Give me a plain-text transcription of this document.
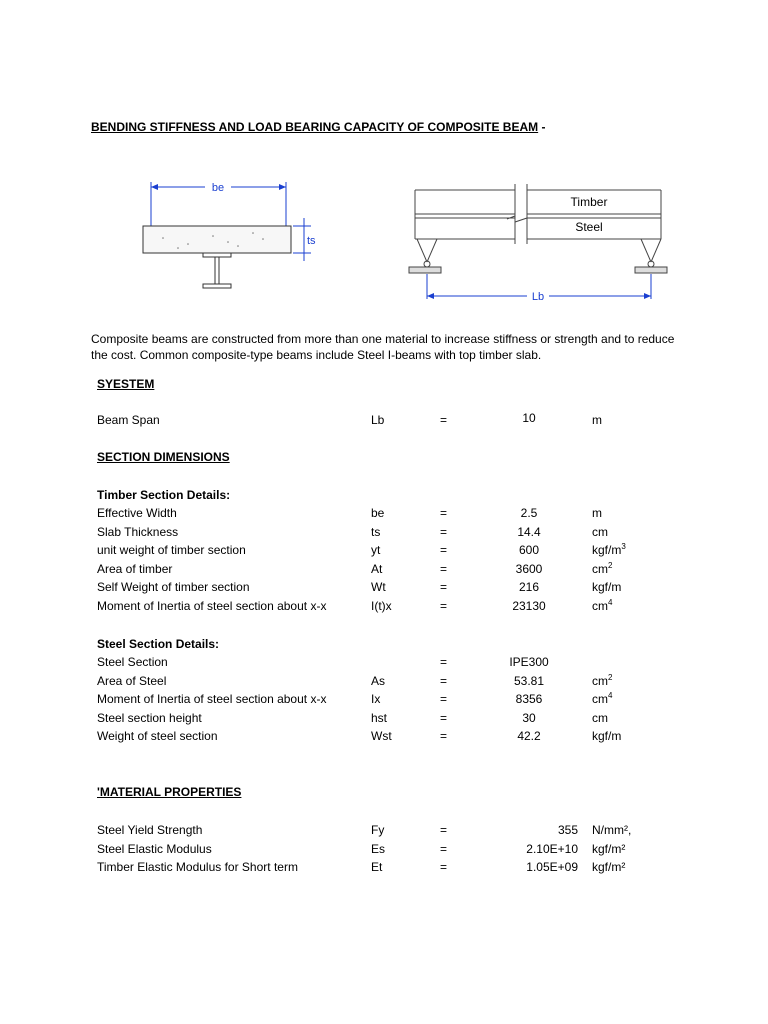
BENDING STIFFNESS AND LOAD BEARING CAPACITY OF COMPOSITE BEAM -
be
ts
Timber
Steel
Lb
Composite beams are constructed from more than one material to increase stiffness or strength and to reduce the cost. Common composite-type beams include Steel I-beams with top timber slab.
SYESTEM
Beam Span	Lb	=	10	m
SECTION DIMENSIONS
Timber Section Details:
Effective Width	be	=	2.5	m
Slab Thickness	ts	=	14.4	cm
unit weight of timber section	yt	=	600	kgf/$m^3$
Area of timber	At	=	3600	$cm^2$
Self Weight of timber section	Wt	=	216	kgf/m
Moment of Inertia of steel section about x-x	I(t)x	=	23130	$cm^4$
Steel Section Details:
Steel Section	=	IPE300
Area of Steel	As	=	53.81	$cm^2$
Moment of Inertia of steel section about x-x	Ix	=	8356	$cm^4$
Steel section height	hst	=	30	cm
Weight of steel section	Wst	=	42.2	kgf/m
'MATERIAL PROPERTIES
Steel Yield Strength	Fy	=	355 N/mm²,
Steel Elastic Modulus	Es	=	2.10E+10 kgf/m²
Timber Elastic Modulus for Short term	Et	=	1.05E+09 kgf/m²
